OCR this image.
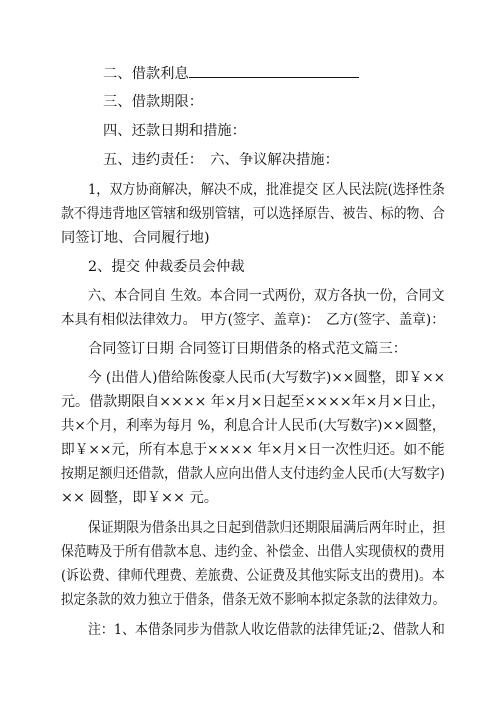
二、借款利息
三、借款期限：
四、还款日期和措施：
五、违约责任：　六、争议解决措施：
1，双方协商解决，解决不成，批准提交 区人民法院(选择性条
款不得违背地区管辖和级别管辖，可以选择原告、被告、标的物、合
同签订地、合同履行地)
2、提交 仲裁委员会仲裁
六、本合同自 生效。本合同一式两份，双方各执一份，合同文
本具有相似法律效力。 甲方(签字、盖章)：　乙方(签字、盖章)：
合同签订日期 合同签订日期借条的格式范文篇三：
今 (出借人)借给陈俊豪人民币(大写数字)××圆整，即￥××
元。借款期限自×××× 年×月×日起至××××年×月×日止，
共×个月，利率为每月 %，利息合计人民币(大写数字)××圆整，
即￥××元，所有本息于×××× 年×月×日一次性归还。如不能
按期足额归还借款，借款人应向出借人支付违约金人民币(大写数字)
×× 圆整，即￥×× 元。
保证期限为借条出具之日起到借款归还期限届满后两年时止，担
保范畴及于所有借款本息、违约金、补偿金、出借人实现债权的费用
(诉讼费、律师代理费、差旅费、公证费及其他实际支出的费用)。本
拟定条款的效力独立于借条，借条无效不影响本拟定条款的法律效力。
注：1、本借条同步为借款人收讫借款的法律凭证;2、借款人和
